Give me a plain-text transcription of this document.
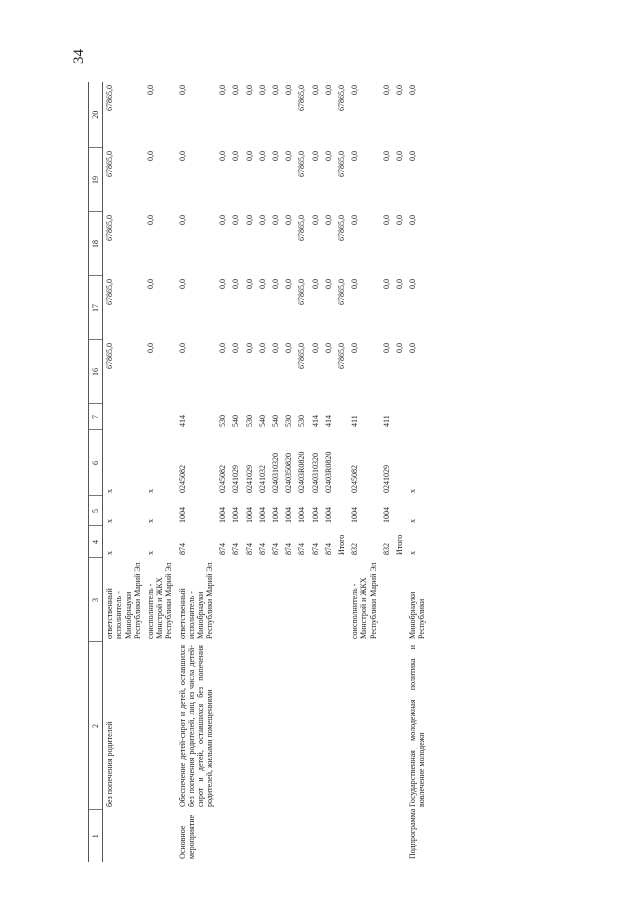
34
1	2	3	4	5	6	7	16	17	18	19	20
	без попечения родителей	ответственный исполнитель - Минобрнауки Республики Марий Эл	x	x	x		67865,0	67865,0	67865,0	67865,0	67865,0
		соисполнитель - Минстрой и ЖКХ Республики Марий Эл	x	x	x		0,0	0,0	0,0	0,0	0,0
Основное мероприятие	Обеспечение детей-сирот и детей, оставшихся без попечения родителей, лиц из числа детей-сирот и детей, оставшихся без попечения родителей, жилыми помещениями	ответственный исполнитель - Минобрнауки Республики Марий Эл	874	1004	0245082	414	0,0	0,0	0,0	0,0	0,0
			874	1004	0245082	530	0,0	0,0	0,0	0,0	0,0
			874	1004	0241029	540	0,0	0,0	0,0	0,0	0,0
			874	1004	0241029	530	0,0	0,0	0,0	0,0	0,0
			874	1004	0241032	540	0,0	0,0	0,0	0,0	0,0
			874	1004	0240310320	540	0,0	0,0	0,0	0,0	0,0
			874	1004	0240350820	530	0,0	0,0	0,0	0,0	0,0
			874	1004	02403R0820	530	67865,0	67865,0	67865,0	67865,0	67865,0
			874	1004	0240310320	414	0,0	0,0	0,0	0,0	0,0
			874	1004	02403R0820	414	0,0	0,0	0,0	0,0	0,0
			Итого				67865,0	67865,0	67865,0	67865,0	67865,0
		соисполнитель - Минстрой и ЖКХ Республики Марий Эл	832	1004	0245082	411	0,0	0,0	0,0	0,0	0,0
			832	1004	0241029	411	0,0	0,0	0,0	0,0	0,0
			Итого				0,0	0,0	0,0	0,0	0,0
Подпрограмма	Государственная молодежная политика и вовлечение молодежи	Минобрнауки Республики	x	x	x		0,0	0,0	0,0	0,0	0,0
